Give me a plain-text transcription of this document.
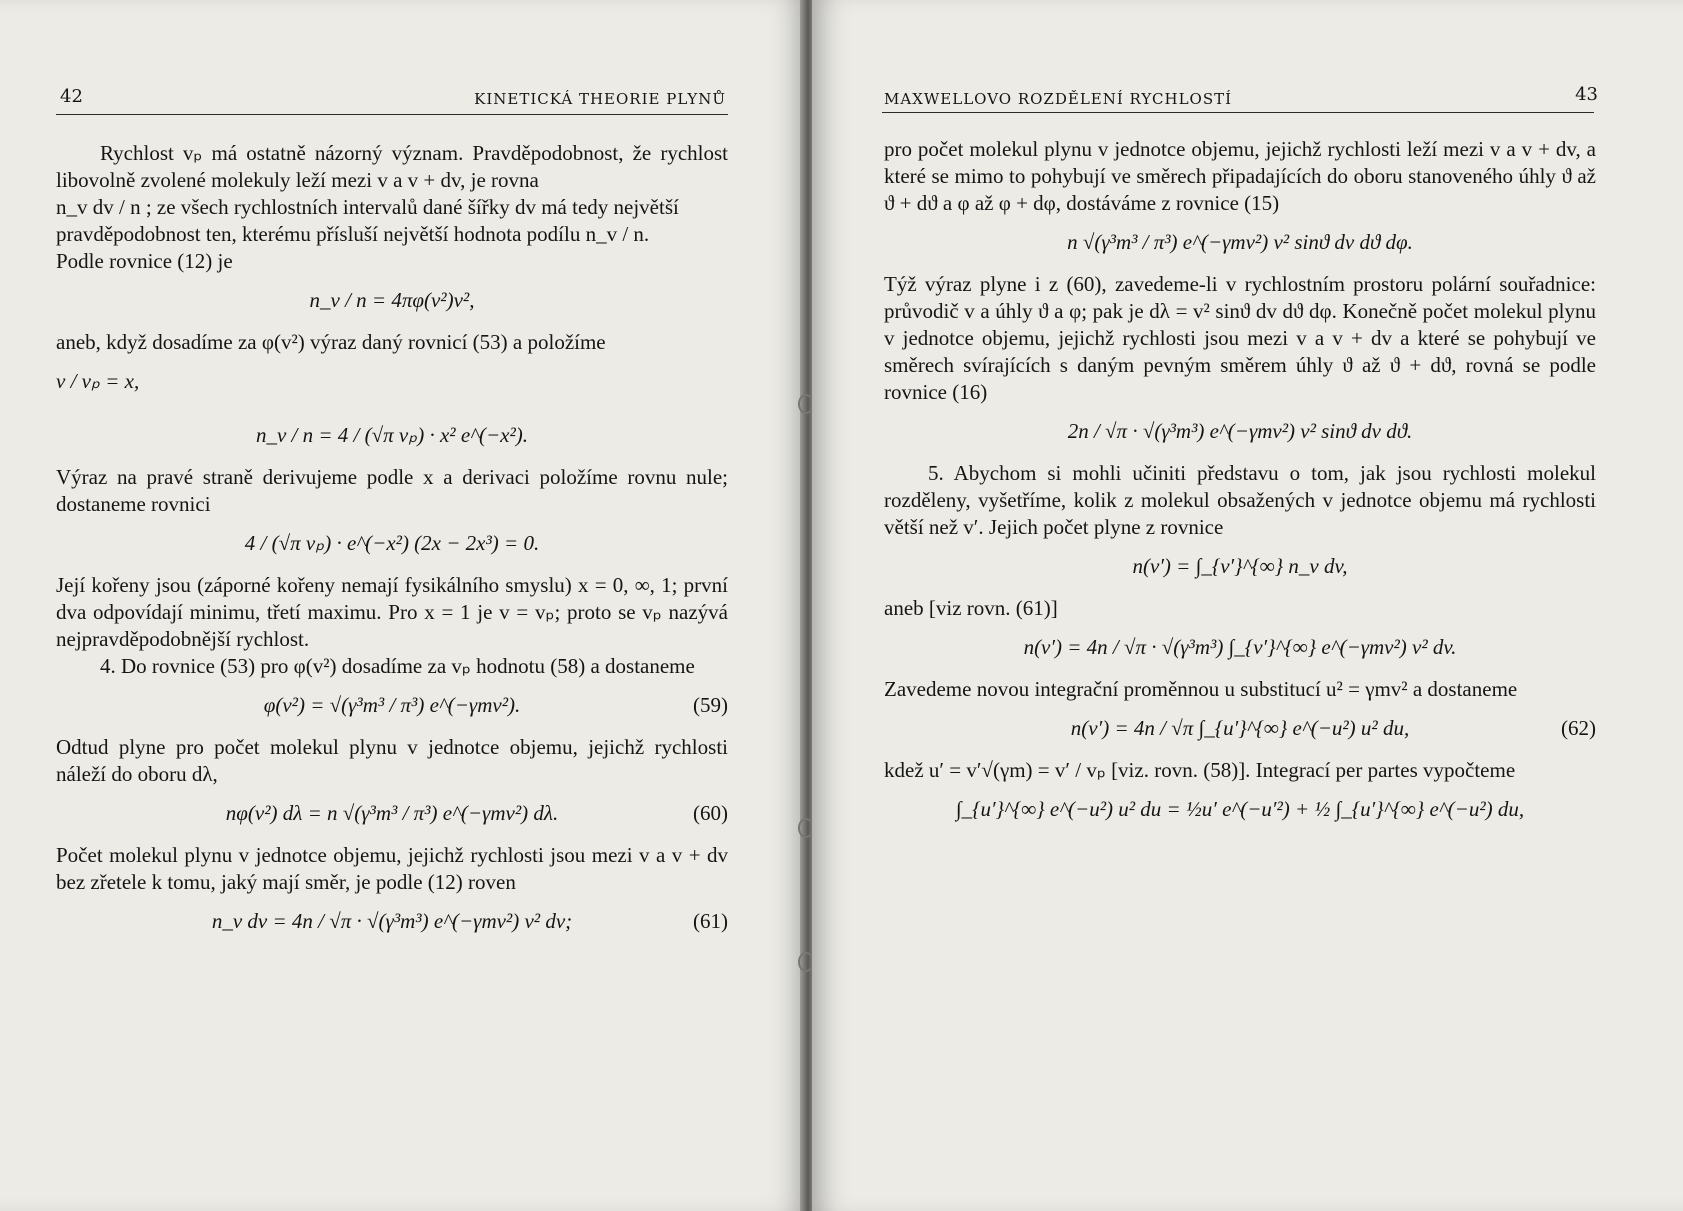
42	KINETICKÁ THEORIE PLYNŮ

Rychlost vₚ má ostatně názorný význam. Pravděpodobnost, že rychlost libovolně zvolené molekuly leží mezi v a v + dv, je rovna

n_v dv / n ; ze všech rychlostních intervalů dané šířky dv má tedy největší

pravděpodobnost ten, kterému přísluší největší hodnota podílu n_v / n.

Podle rovnice (12) je

n_v / n = 4πφ(v²)v²,

aneb, když dosadíme za φ(v²) výraz daný rovnicí (53) a položíme

v / vₚ = x,
n_v / n = 4 / (√π vₚ) · x² e^(−x²).

Výraz na pravé straně derivujeme podle x a derivaci položíme rovnu nule; dostaneme rovnici

4 / (√π vₚ) · e^(−x²) (2x − 2x³) = 0.

Její kořeny jsou (záporné kořeny nemají fysikálního smyslu) x = 0, ∞, 1; první dva odpovídají minimu, třetí maximu. Pro x = 1 je v = vₚ; proto se vₚ nazývá nejpravděpodobnější rychlost.

4. Do rovnice (53) pro φ(v²) dosadíme za vₚ hodnotu (58) a dostaneme

φ(v²) = √(γ³m³ / π³) e^(−γmv²).	(59)

Odtud plyne pro počet molekul plynu v jednotce objemu, jejichž rychlosti náleží do oboru dλ,

nφ(v²) dλ = n √(γ³m³ / π³) e^(−γmv²) dλ.	(60)

Počet molekul plynu v jednotce objemu, jejichž rychlosti jsou mezi v a v + dv bez zřetele k tomu, jaký mají směr, je podle (12) roven

n_v dv = 4n / √π · √(γ³m³) e^(−γmv²) v² dv;	(61)
MAXWELLOVO ROZDĚLENÍ RYCHLOSTÍ	43

pro počet molekul plynu v jednotce objemu, jejichž rychlosti leží mezi v a v + dv, a které se mimo to pohybují ve směrech připadajících do oboru stanoveného úhly ϑ až ϑ + dϑ a φ až φ + dφ, dostáváme z rovnice (15)

n √(γ³m³ / π³) e^(−γmv²) v² sinϑ dv dϑ dφ.

Týž výraz plyne i z (60), zavedeme-li v rychlostním prostoru polární souřadnice: průvodič v a úhly ϑ a φ; pak je dλ = v² sinϑ dv dϑ dφ. Konečně počet molekul plynu v jednotce objemu, jejichž rychlosti jsou mezi v a v + dv a které se pohybují ve směrech svírajících s daným pevným směrem úhly ϑ až ϑ + dϑ, rovná se podle rovnice (16)

2n / √π · √(γ³m³) e^(−γmv²) v² sinϑ dv dϑ.

5. Abychom si mohli učiniti představu o tom, jak jsou rychlosti molekul rozděleny, vyšetříme, kolik z molekul obsažených v jednotce objemu má rychlosti větší než v′. Jejich počet plyne z rovnice

n(v′) = ∫_{v′}^{∞} n_v dv,

aneb [viz rovn. (61)]

n(v′) = 4n / √π · √(γ³m³) ∫_{v′}^{∞} e^(−γmv²) v² dv.

Zavedeme novou integrační proměnnou u substitucí u² = γmv² a dostaneme

n(v′) = 4n / √π ∫_{u′}^{∞} e^(−u²) u² du,	(62)

kdež u′ = v′√(γm) = v′ / vₚ [viz. rovn. (58)]. Integrací per partes vypočteme

∫_{u′}^{∞} e^(−u²) u² du = ½u′ e^(−u′²) + ½ ∫_{u′}^{∞} e^(−u²) du,
